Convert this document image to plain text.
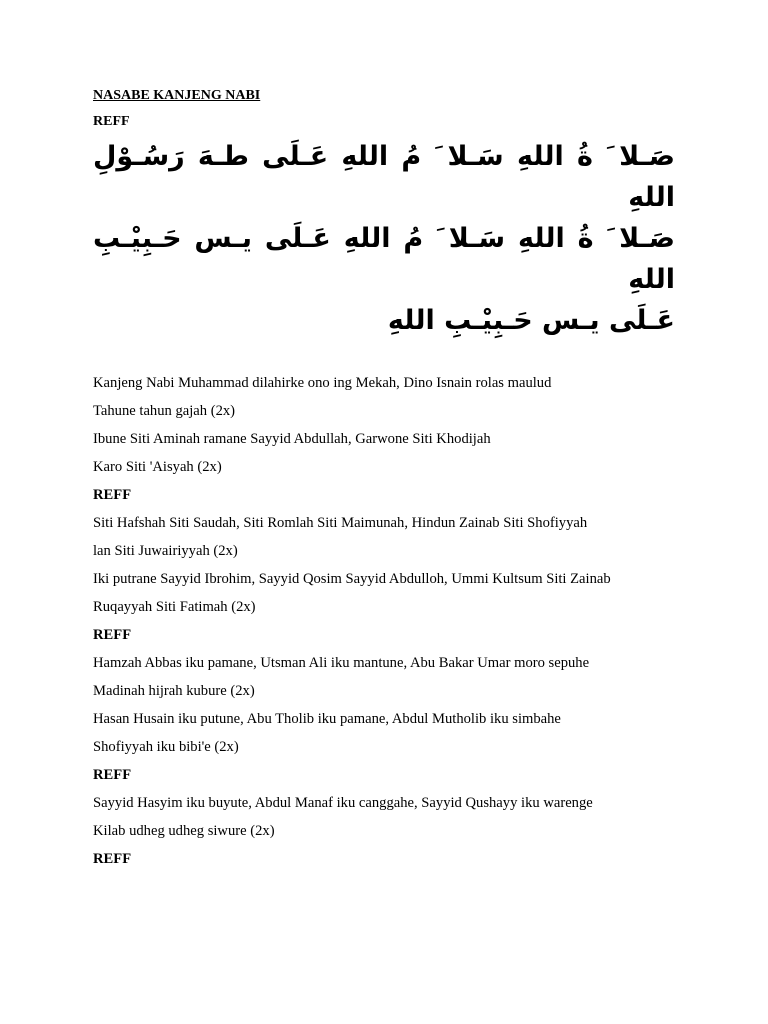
NASABE KANJENG NABI

REFF

صَـلا َ ةُ اللهِ سَـلا َ مُ اللهِ عَـلَى طـهَ رَسُـوْلِ اللهِ

صَـلا َ ةُ اللهِ سَـلا َ مُ اللهِ عَـلَى يـس حَـبِيْـبِ اللهِ

عَـلَى يـس حَـبِيْـبِ اللهِ

Kanjeng Nabi Muhammad dilahirke ono ing Mekah, Dino Isnain rolas maulud

Tahune tahun gajah (2x)

Ibune Siti Aminah ramane Sayyid Abdullah, Garwone Siti Khodijah

Karo Siti 'Aisyah (2x)

REFF

Siti Hafshah Siti Saudah, Siti Romlah Siti Maimunah, Hindun Zainab Siti Shofiyyah

lan Siti Juwairiyyah (2x)

Iki putrane Sayyid Ibrohim, Sayyid Qosim Sayyid Abdulloh, Ummi Kultsum Siti Zainab

Ruqayyah Siti Fatimah (2x)

REFF

Hamzah Abbas iku pamane, Utsman Ali iku mantune, Abu Bakar Umar moro sepuhe

Madinah hijrah kubure (2x)

Hasan Husain iku putune, Abu Tholib iku pamane, Abdul Mutholib iku simbahe

Shofiyyah iku bibi'e (2x)

REFF

Sayyid Hasyim iku buyute, Abdul Manaf iku canggahe, Sayyid Qushayy iku warenge

Kilab udheg udheg siwure (2x)

REFF
